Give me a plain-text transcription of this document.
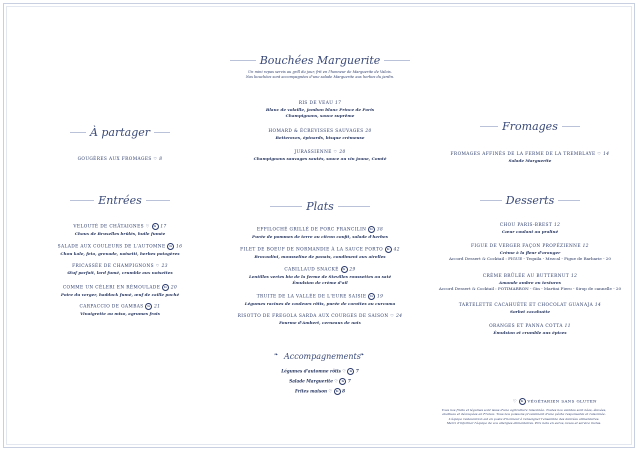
Bouchées Marguerite
Un mini repas servis au grill du jour, frit en l'honneur de Marguerite de Valois.
Nos bouchées sont accompagnées d'une salade Marguerite aux herbes du jardin.
RIS DE VEAU 17
Blanc de volaille, jambon blanc Prince de Paris
Champignons, sauce suprême
HOMARD & ÉCREVISSES SAUVAGES 20
Betteraves, épinards, bisque crémeuse
JURASSIENNE ♡ 20
Champignons sauvages sautés, sauce au vin jaune, Comté
À partager
GOUGÈRES AUX FROMAGES ♡ 8
Fromages
FROMAGES AFFINÉS DE LA FERME DE LA TREMBLAYE ♡ 14
Salade Marguerite
Entrées
VELOUTÉ DE CHÂTAIGNES ♡ G 17
Choux de Bruxelles brûlés, huile fumée
SALADE AUX COULEURS DE L'AUTOMNE G 16
Chou kale, feta, grenade, noisetti, herbes potagères
FRICASSÉE DE CHAMPIGNONS ♡ 23
Œuf parfait, lard fumé, crumble aux noisettes
COMME UN CÉLERI EN RÉMOULADE G 20
Poire du verger, haddock fumé, œuf de caille poché
CARPACCIO DE GAMBAS G 21
Vinaigrette au miso, agrumes frais
Plats
EFFILOCHÉ GRILLÉ DE PORC FRANCILIN G 38
Purée de pommes de terre au citron confit, salade d'herbes
FILET DE BOEUF DE NORMANDIE À LA SAUCE PORTO G 42
Brocoolini, mousseline de panais, condiment aux airelles
CABILLAUD SNACKÉ G 29
Lentilles vertes bio de la ferme de Stevilles roussettes au saté
Émulsion de crème d'ail
TRUITE DE LA VALLÉE DE L'EURE SAISIE G 19
Légumes racines de couleurs rôtis, purée de carottes au curcuma
RISOTTO DE FREGOLA SARDA AUX COURGES DE SAISON ♡ 24
Fourme d'Ambert, cerneaux de noix
Desserts
CHOU PARIS-BREST 12
Cœur coulant au praliné
FIGUE DE VERGER FAÇON PROPÉZIENNE 12
Crème à la fleur d'oranger
Accord Dessert & Cocktail : FIGUE - Tequila - Mezcal - Figue de Barbarie - 20
CRÈME BRÛLÉE AU BUTTERNUT 12
Amande ambre en textures
Accord Dessert & Cocktail : POTIMARRON - Gin - Martini Fiero - Sirop de cannelle - 20
TARTELETTE CACAHUÈTE ET CHOCOLAT GUANAJA 14
Sorbet cacahuète
ORANGES ET PANNA COTTA 11
Émulsion et crumble aux épices
❧ Accompagnements ❧
Légumes d'automne rôtis ♡ G 7
Salade Marguerite ♡ G 7
Frites maison ♡ G 8
♡ G VÉGÉTARIEN SANS GLUTEN
Tous nos fruits et légumes sont issus d'une agriculture raisonnée. Toutes nos viandes sont nées, élevées,
abattues et découpées en France. Tous nos poissons proviennent d'une pêche responsable et raisonnée.
L'équipe restauration est en poste d'honneur à renseigner l'ensemble des denrées alimentaires.
Merci d'informer l'équipe de vos allergies alimentaires. Prix nets en euros, taxes et service inclus.
